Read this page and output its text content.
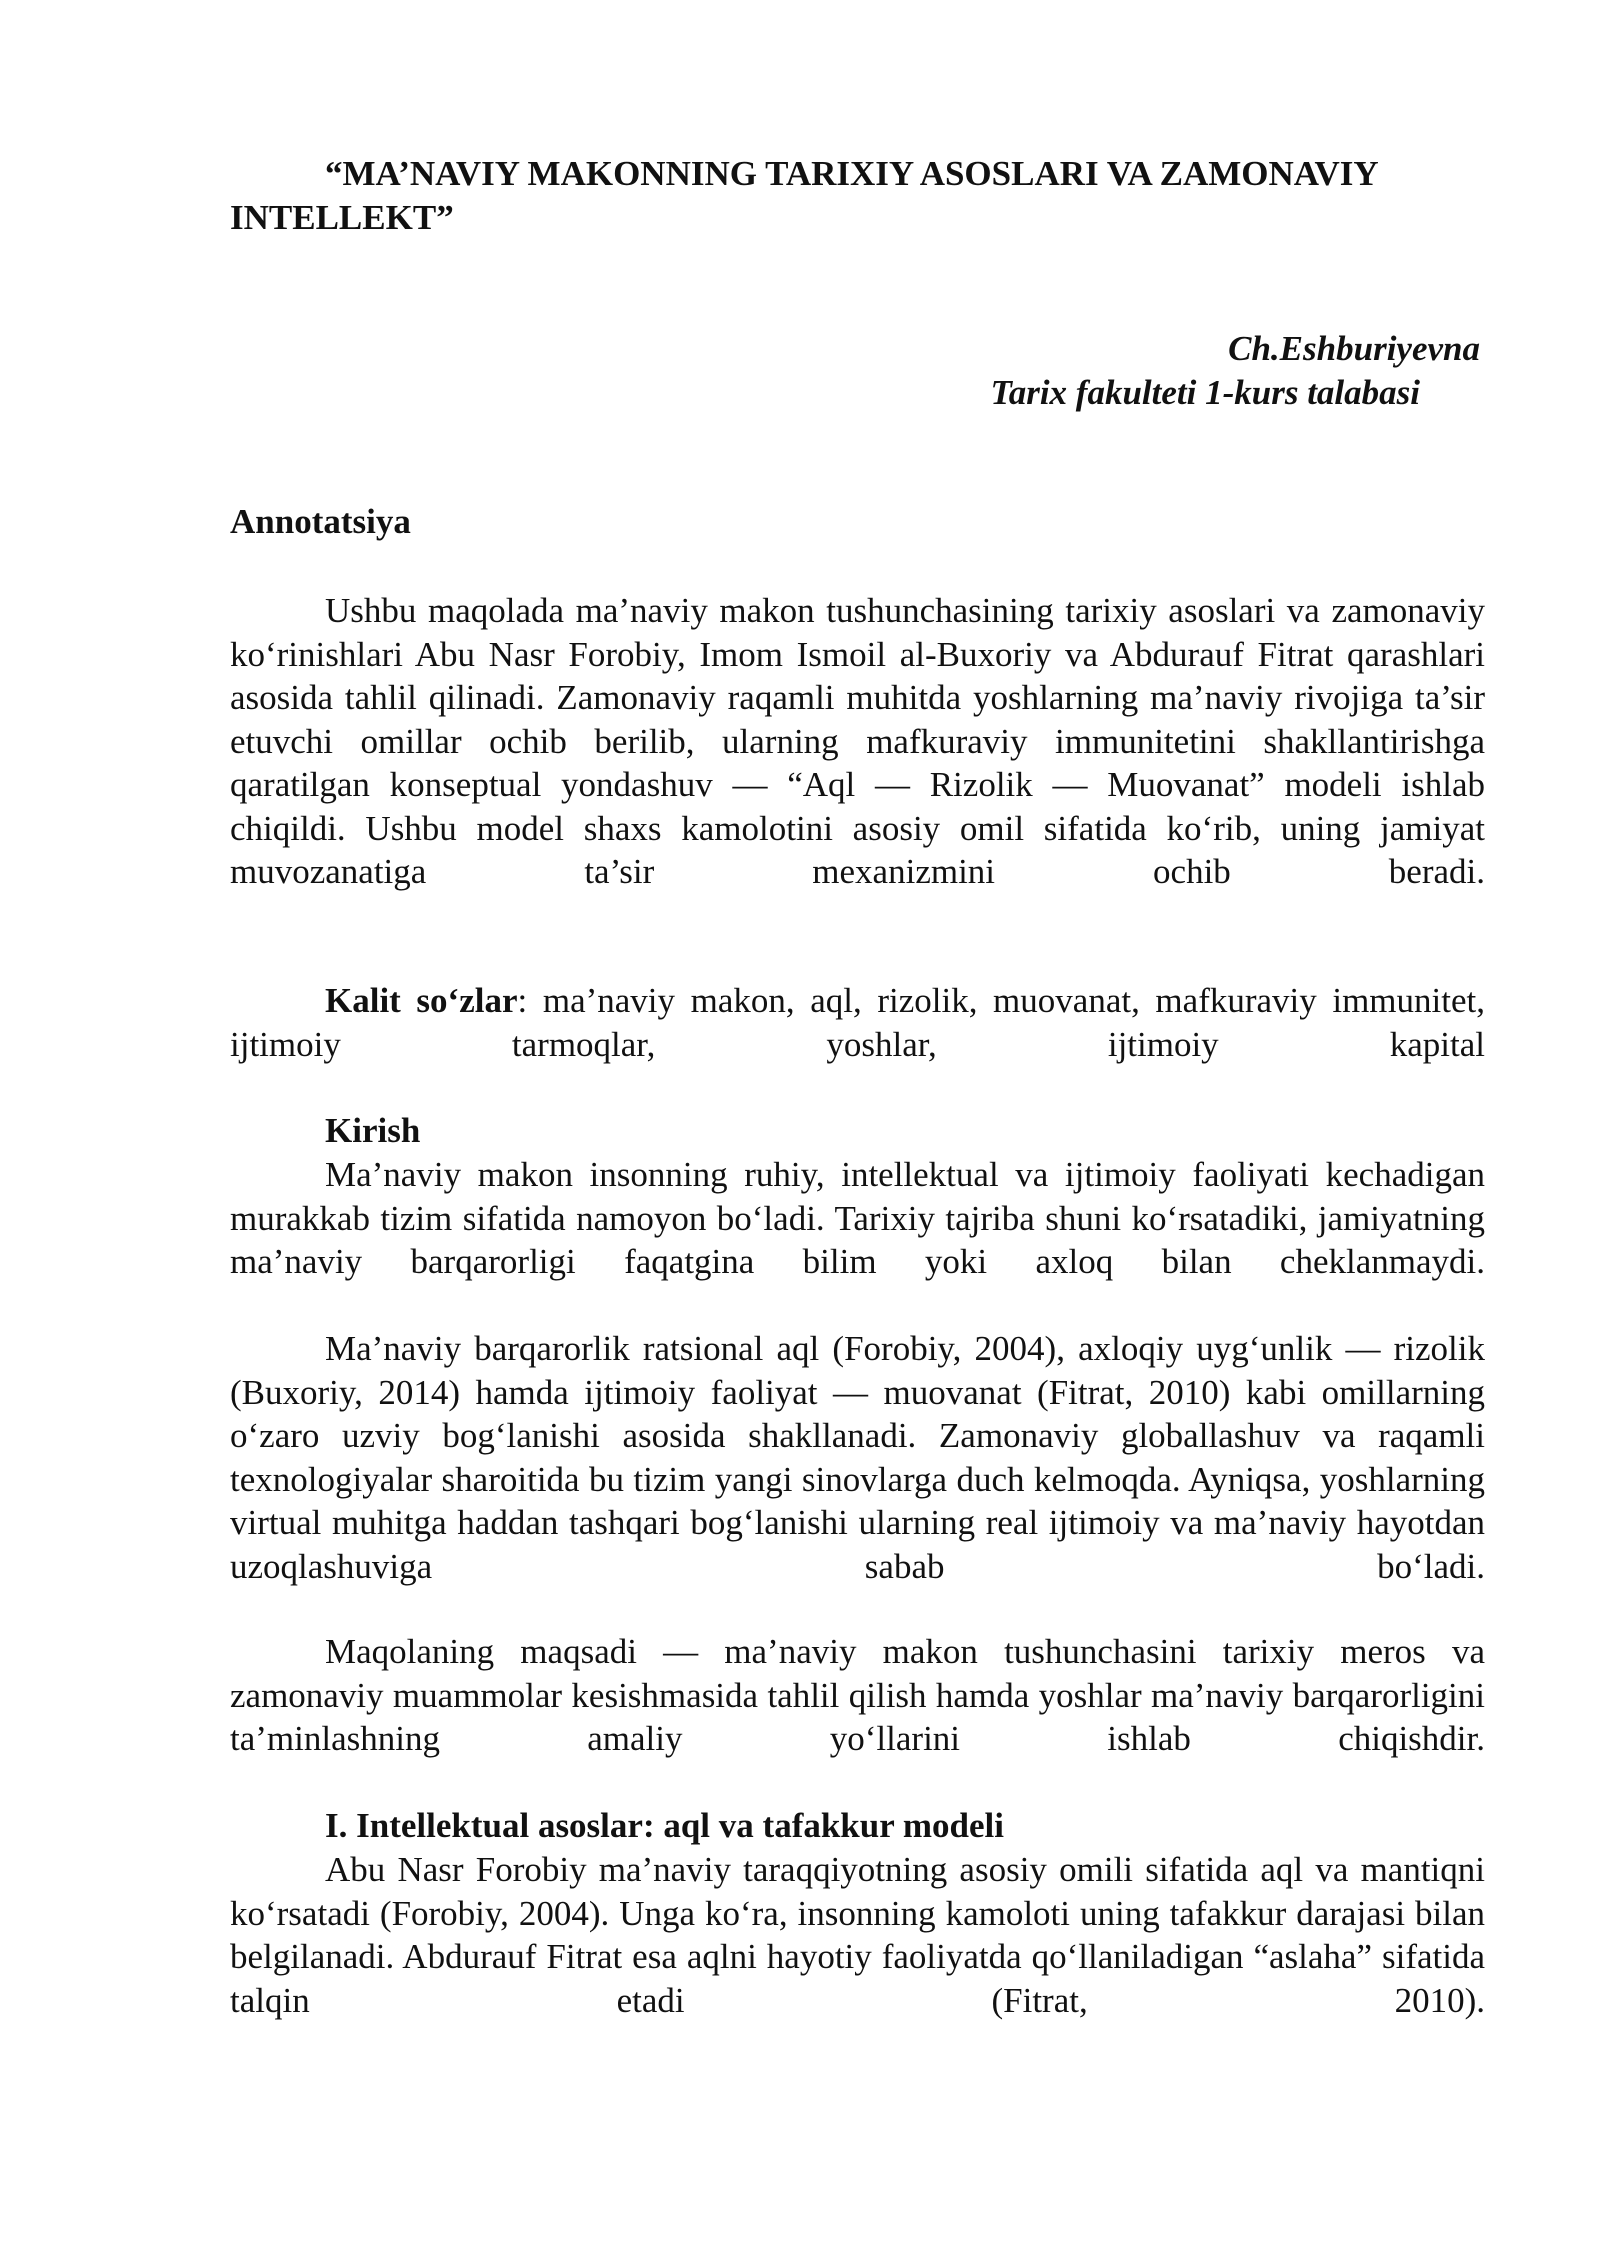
“MA’NAVIY MAKONNING TARIXIY ASOSLARI VA ZAMONAVIY INTELLEKT”

Ch.Eshburiyevna

Tarix fakulteti 1-kurs talabasi

Annotatsiya

Ushbu maqolada ma’naviy makon tushunchasining tarixiy asoslari va zamonaviy ko‘rinishlari Abu Nasr Forobiy, Imom Ismoil al-Buxoriy va Abdurauf Fitrat qarashlari asosida tahlil qilinadi. Zamonaviy raqamli muhitda yoshlarning ma’naviy rivojiga ta’sir etuvchi omillar ochib berilib, ularning mafkuraviy immunitetini shakllantirishga qaratilgan konseptual yondashuv — “Aql — Rizolik — Muovanat” modeli ishlab chiqildi. Ushbu model shaxs kamolotini asosiy omil sifatida ko‘rib, uning jamiyat muvozanatiga ta’sir mexanizmini ochib beradi.

Kalit so‘zlar: ma’naviy makon, aql, rizolik, muovanat, mafkuraviy immunitet, ijtimoiy tarmoqlar, yoshlar, ijtimoiy kapital

Kirish

Ma’naviy makon insonning ruhiy, intellektual va ijtimoiy faoliyati kechadigan murakkab tizim sifatida namoyon bo‘ladi. Tarixiy tajriba shuni ko‘rsatadiki, jamiyatning ma’naviy barqarorligi faqatgina bilim yoki axloq bilan cheklanmaydi.

Ma’naviy barqarorlik ratsional aql (Forobiy, 2004), axloqiy uyg‘unlik — rizolik (Buxoriy, 2014) hamda ijtimoiy faoliyat — muovanat (Fitrat, 2010) kabi omillarning o‘zaro uzviy bog‘lanishi asosida shakllanadi. Zamonaviy globallashuv va raqamli texnologiyalar sharoitida bu tizim yangi sinovlarga duch kelmoqda. Ayniqsa, yoshlarning virtual muhitga haddan tashqari bog‘lanishi ularning real ijtimoiy va ma’naviy hayotdan uzoqlashuviga sabab bo‘ladi.

Maqolaning maqsadi — ma’naviy makon tushunchasini tarixiy meros va zamonaviy muammolar kesishmasida tahlil qilish hamda yoshlar ma’naviy barqarorligini ta’minlashning amaliy yo‘llarini ishlab chiqishdir.

I. Intellektual asoslar: aql va tafakkur modeli

Abu Nasr Forobiy ma’naviy taraqqiyotning asosiy omili sifatida aql va mantiqni ko‘rsatadi (Forobiy, 2004). Unga ko‘ra, insonning kamoloti uning tafakkur darajasi bilan belgilanadi. Abdurauf Fitrat esa aqlni hayotiy faoliyatda qo‘llaniladigan “aslaha” sifatida talqin etadi (Fitrat, 2010).
